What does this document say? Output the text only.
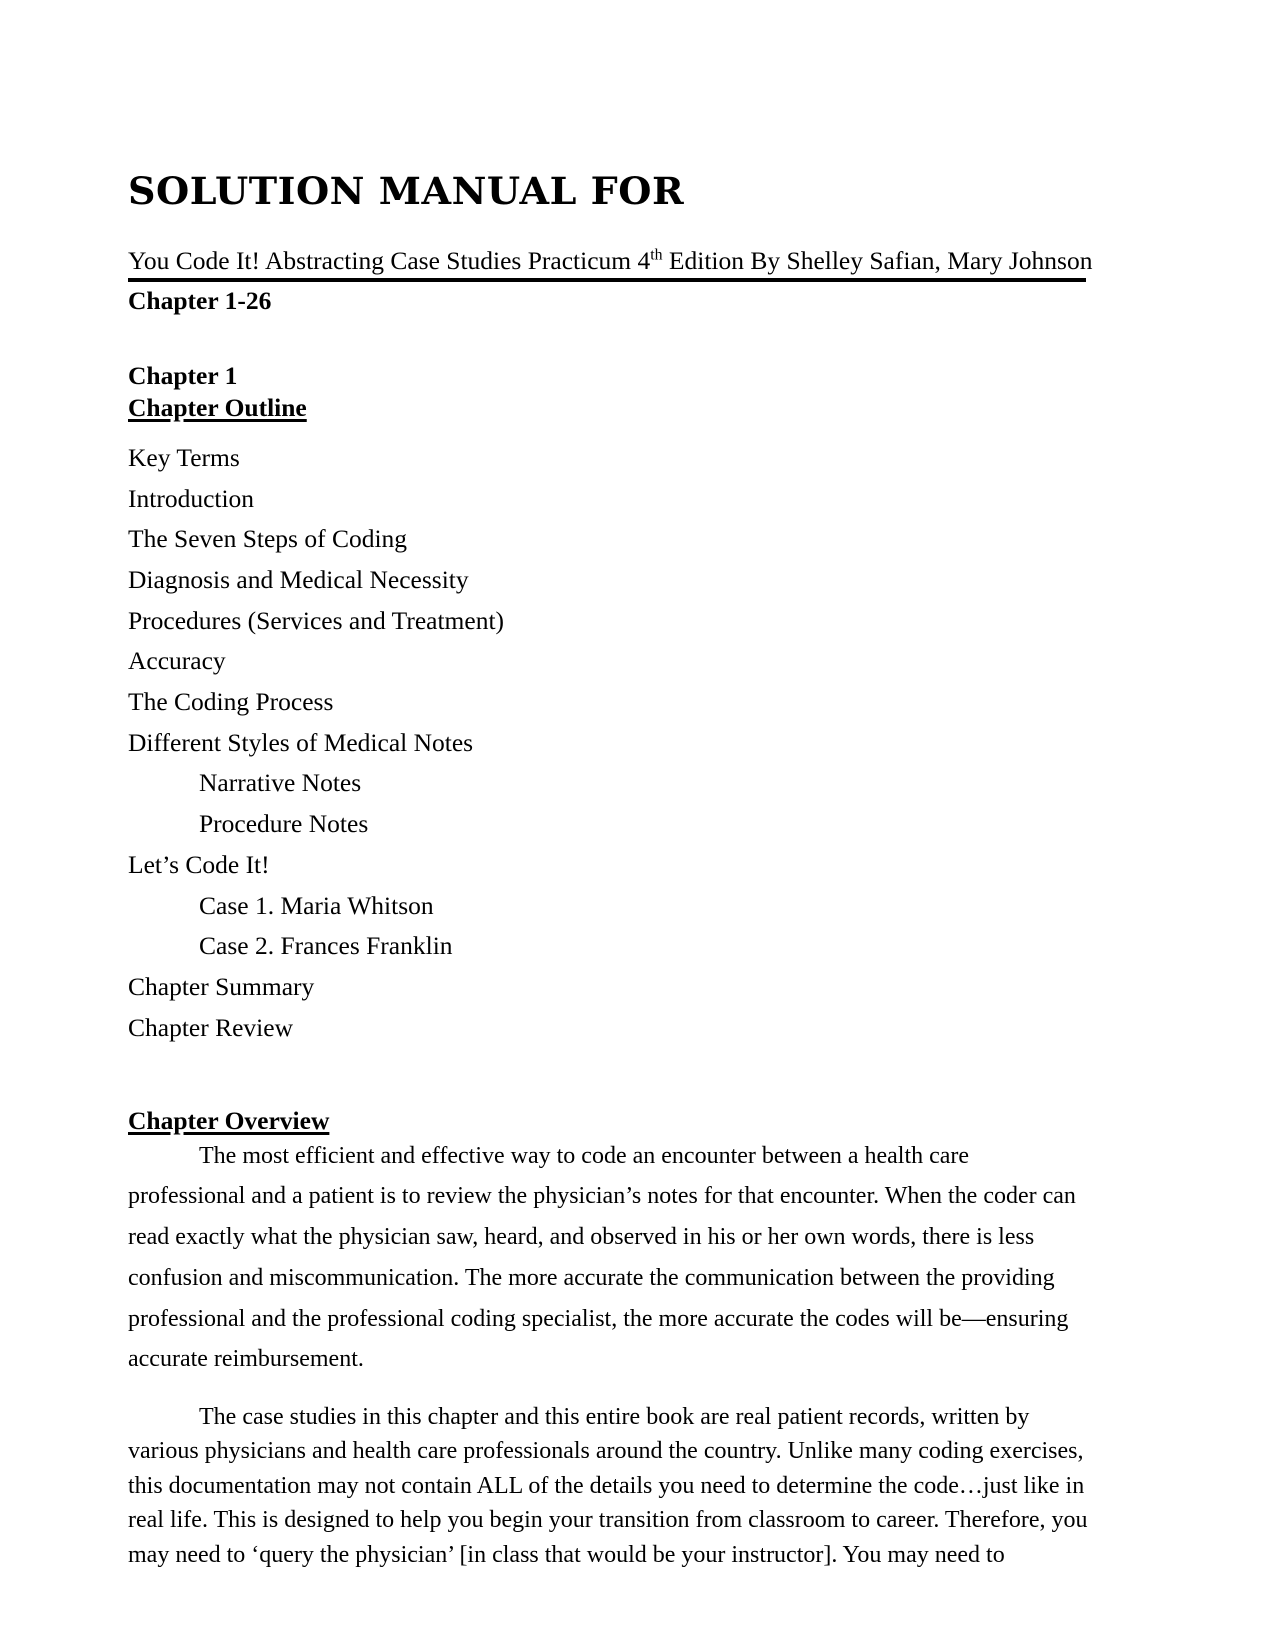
SOLUTION MANUAL FOR
You Code It! Abstracting Case Studies Practicum 4th Edition By Shelley Safian, Mary Johnson
Chapter 1-26
Chapter 1
Chapter Outline
Key Terms
Introduction
The Seven Steps of Coding
Diagnosis and Medical Necessity
Procedures (Services and Treatment)
Accuracy
The Coding Process
Different Styles of Medical Notes
Narrative Notes
Procedure Notes
Let’s Code It!
Case 1. Maria Whitson
Case 2. Frances Franklin
Chapter Summary
Chapter Review
Chapter Overview

The most efficient and effective way to code an encounter between a health care
professional and a patient is to review the physician’s notes for that encounter. When the coder can
read exactly what the physician saw, heard, and observed in his or her own words, there is less
confusion and miscommunication. The more accurate the communication between the providing
professional and the professional coding specialist, the more accurate the codes will be—ensuring
accurate reimbursement.

The case studies in this chapter and this entire book are real patient records, written by
various physicians and health care professionals around the country. Unlike many coding exercises,
this documentation may not contain ALL of the details you need to determine the code…just like in
real life. This is designed to help you begin your transition from classroom to career. Therefore, you
may need to ‘query the physician’ [in class that would be your instructor]. You may need to
